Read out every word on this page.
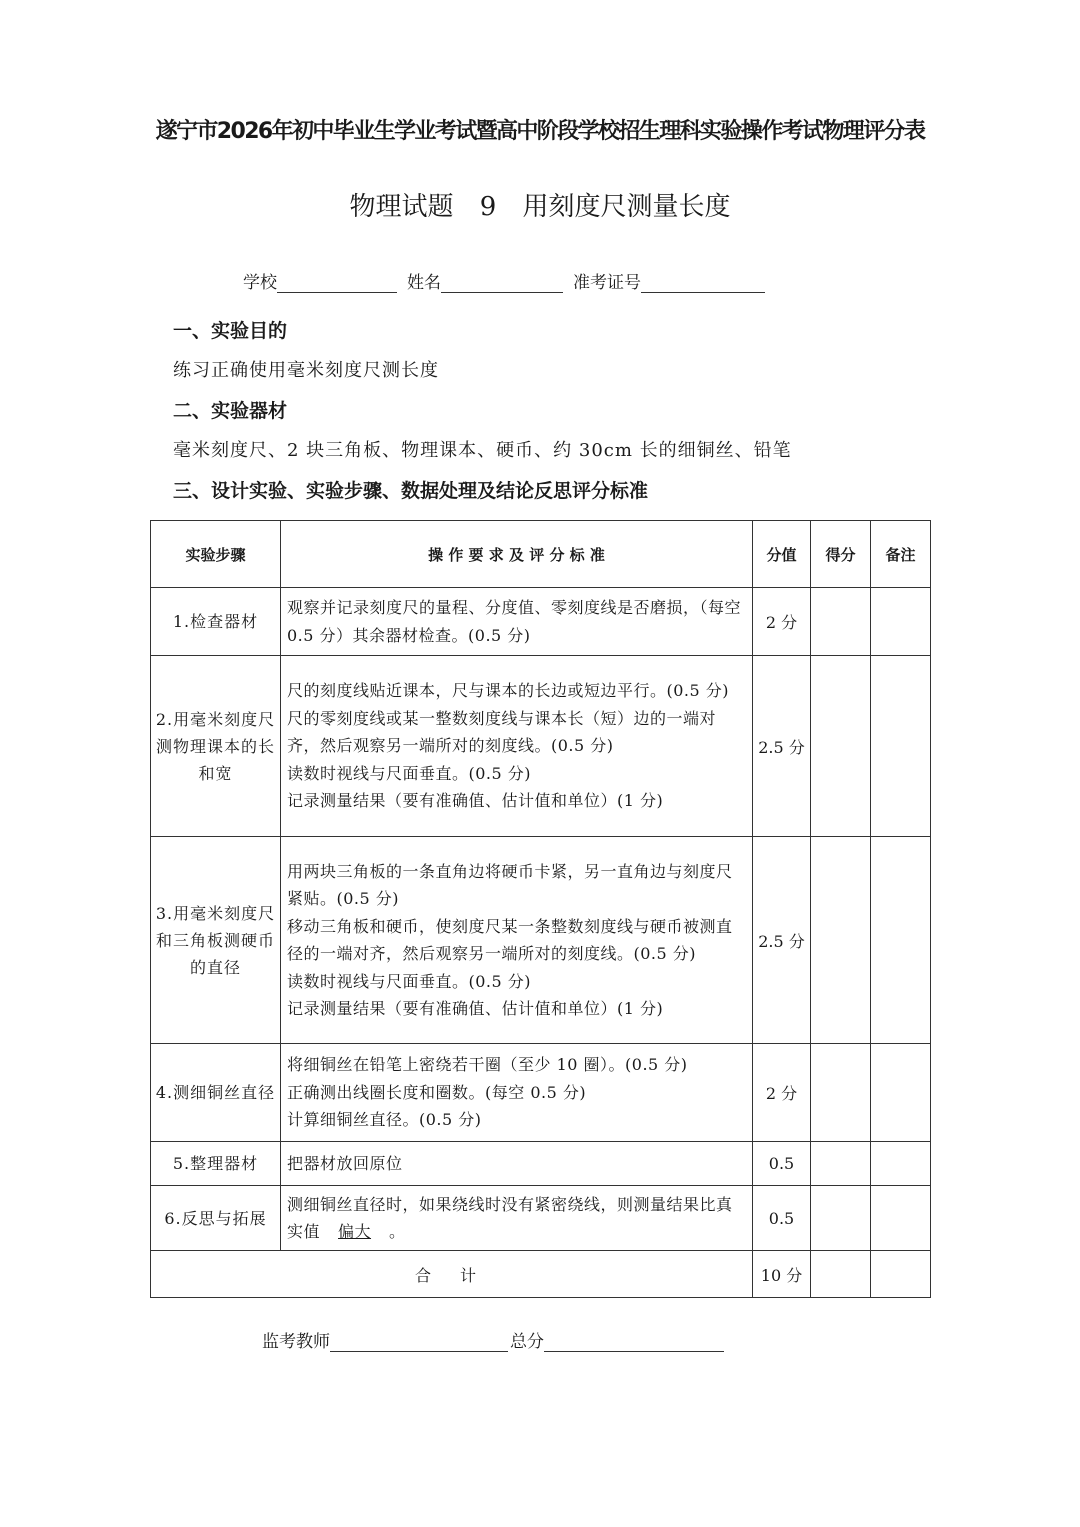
遂宁市2026年初中毕业生学业考试暨高中阶段学校招生理科实验操作考试物理评分表
物理试题 9 用刻度尺测量长度
学校	姓名	准考证号
一、实验目的
练习正确使用毫米刻度尺测长度
二、实验器材
毫米刻度尺、2 块三角板、物理课本、硬币、约 30cm 长的细铜丝、铅笔
三、设计实验、实验步骤、数据处理及结论反思评分标准
实验步骤	操 作 要 求 及 评 分 标 准	分值	得分	备注
1.检查器材	观察并记录刻度尺的量程、分度值、零刻度线是否磨损，（每空 0.5 分）其余器材检查。(0.5 分)	2 分		
2.用毫米刻度尺测物理课本的长和宽	尺的刻度线贴近课本，尺与课本的长边或短边平行。(0.5 分)
尺的零刻度线或某一整数刻度线与课本长（短）边的一端对齐，然后观察另一端所对的刻度线。(0.5 分)
读数时视线与尺面垂直。(0.5 分)
记录测量结果（要有准确值、估计值和单位）(1 分)	2.5 分		
3.用毫米刻度尺和三角板测硬币的直径	用两块三角板的一条直角边将硬币卡紧，另一直角边与刻度尺紧贴。(0.5 分)
移动三角板和硬币，使刻度尺某一条整数刻度线与硬币被测直径的一端对齐，然后观察另一端所对的刻度线。(0.5 分)
读数时视线与尺面垂直。(0.5 分)
记录测量结果（要有准确值、估计值和单位）(1 分)	2.5 分		
4.测细铜丝直径	将细铜丝在铅笔上密绕若干圈（至少 10 圈）。(0.5 分)
正确测出线圈长度和圈数。(每空 0.5 分)
计算细铜丝直径。(0.5 分)	2 分		
5.整理器材	把器材放回原位	0.5		
6.反思与拓展	测细铜丝直径时，如果绕线时没有紧密绕线，则测量结果比真实值 偏大 。	0.5		
合 计		10 分		
监考教师	总分
